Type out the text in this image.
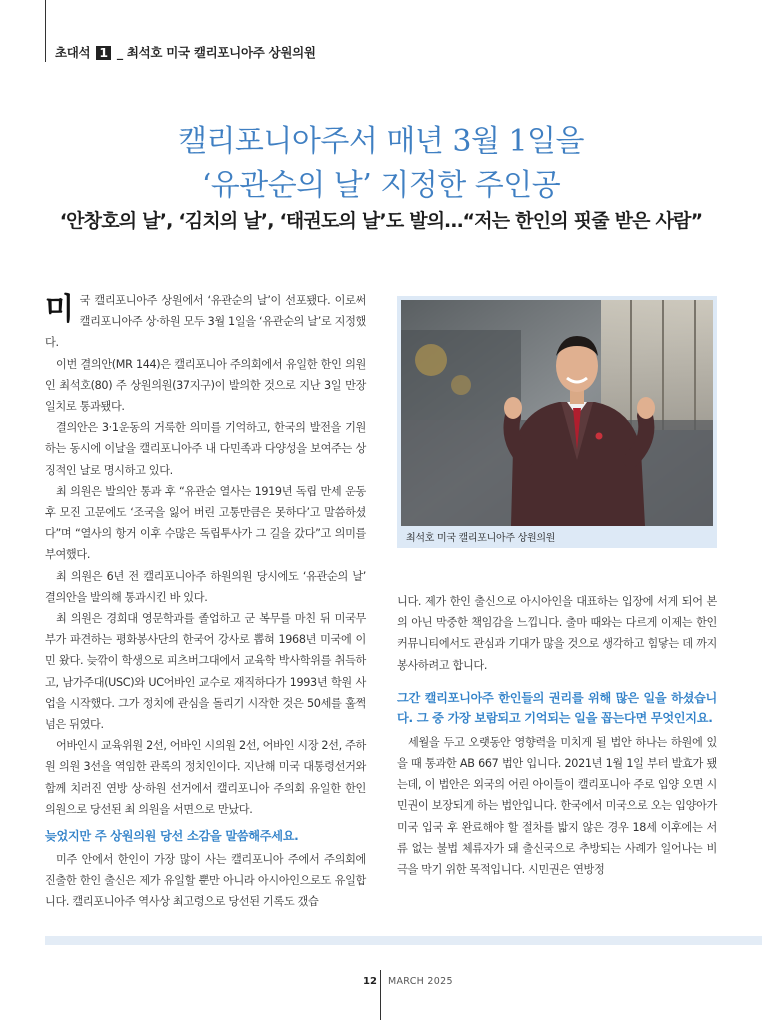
초대석 1 _ 최석호 미국 캘리포니아주 상원의원
캘리포니아주서 매년 3월 1일을
‘유관순의 날’ 지정한 주인공
‘안창호의 날’, ‘김치의 날’, ‘태권도의 날’도 발의…“저는 한인의 핏줄 받은 사람”

미국 캘리포니아주 상원에서 ‘유관순의 날’이 선포됐다. 이로써 캘리포니아주 상·하원 모두 3월 1일을 ‘유관순의 날’로 지정했다.

이번 결의안(MR 144)은 캘리포니아 주의회에서 유일한 한인 의원인 최석호(80) 주 상원의원(37지구)이 발의한 것으로 지난 3일 만장일치로 통과됐다.

결의안은 3·1운동의 거룩한 의미를 기억하고, 한국의 발전을 기원하는 동시에 이날을 캘리포니아주 내 다민족과 다양성을 보여주는 상징적인 날로 명시하고 있다.

최 의원은 발의안 통과 후 “유관순 열사는 1919년 독립 만세 운동 후 모진 고문에도 ‘조국을 잃어 버린 고통만큼은 못하다’고 말씀하셨다”며 “열사의 항거 이후 수많은 독립투사가 그 길을 갔다”고 의미를 부여했다.

최 의원은 6년 전 캘리포니아주 하원의원 당시에도 ‘유관순의 날’ 결의안을 발의해 통과시킨 바 있다.

최 의원은 경희대 영문학과를 졸업하고 군 복무를 마친 뒤 미국무부가 파견하는 평화봉사단의 한국어 강사로 뽑혀 1968년 미국에 이민 왔다. 늦깎이 학생으로 피츠버그대에서 교육학 박사학위를 취득하고, 남가주대(USC)와 UC어바인 교수로 재직하다가 1993년 학원 사업을 시작했다. 그가 정치에 관심을 돌리기 시작한 것은 50세를 훌쩍 넘은 뒤였다.

어바인시 교육위원 2선, 어바인 시의원 2선, 어바인 시장 2선, 주하원 의원 3선을 역임한 관록의 정치인이다. 지난해 미국 대통령선거와 함께 치러진 연방 상·하원 선거에서 캘리포니아 주의회 유일한 한인 의원으로 당선된 최 의원을 서면으로 만났다.

늦었지만 주 상원의원 당선 소감을 말씀해주세요.

미주 안에서 한인이 가장 많이 사는 캘리포니아 주에서 주의회에 진출한 한인 출신은 제가 유일할 뿐만 아니라 아시아인으로도 유일합니다. 캘리포니아주 역사상 최고령으로 당선된 기록도 갰습

최석호 미국 캘리포니아주 상원의원

니다. 제가 한인 출신으로 아시아인을 대표하는 입장에 서게 되어 본의 아닌 막중한 책임감을 느낍니다. 출마 때와는 다르게 이제는 한인 커뮤니티에서도 관심과 기대가 많을 것으로 생각하고 힘닿는 데 까지 봉사하려고 합니다.

그간 캘리포니아주 한인들의 권리를 위해 많은 일을 하셨습니다. 그 중 가장 보람되고 기억되는 일을 꼽는다면 무엇인지요.

세월을 두고 오랫동안 영향력을 미치게 될 법안 하나는 하원에 있을 때 통과한 AB 667 법안 입니다. 2021년 1월 1일 부터 발효가 됐는데, 이 법안은 외국의 어린 아이들이 캘리포니아 주로 입양 오면 시민권이 보장되게 하는 법안입니다. 한국에서 미국으로 오는 입양아가 미국 입국 후 완료해야 할 절차를 밟지 않은 경우 18세 이후에는 서류 없는 불법 체류자가 돼 출신국으로 추방되는 사례가 일어나는 비극을 막기 위한 목적입니다. 시민권은 연방정

12 MARCH 2025
